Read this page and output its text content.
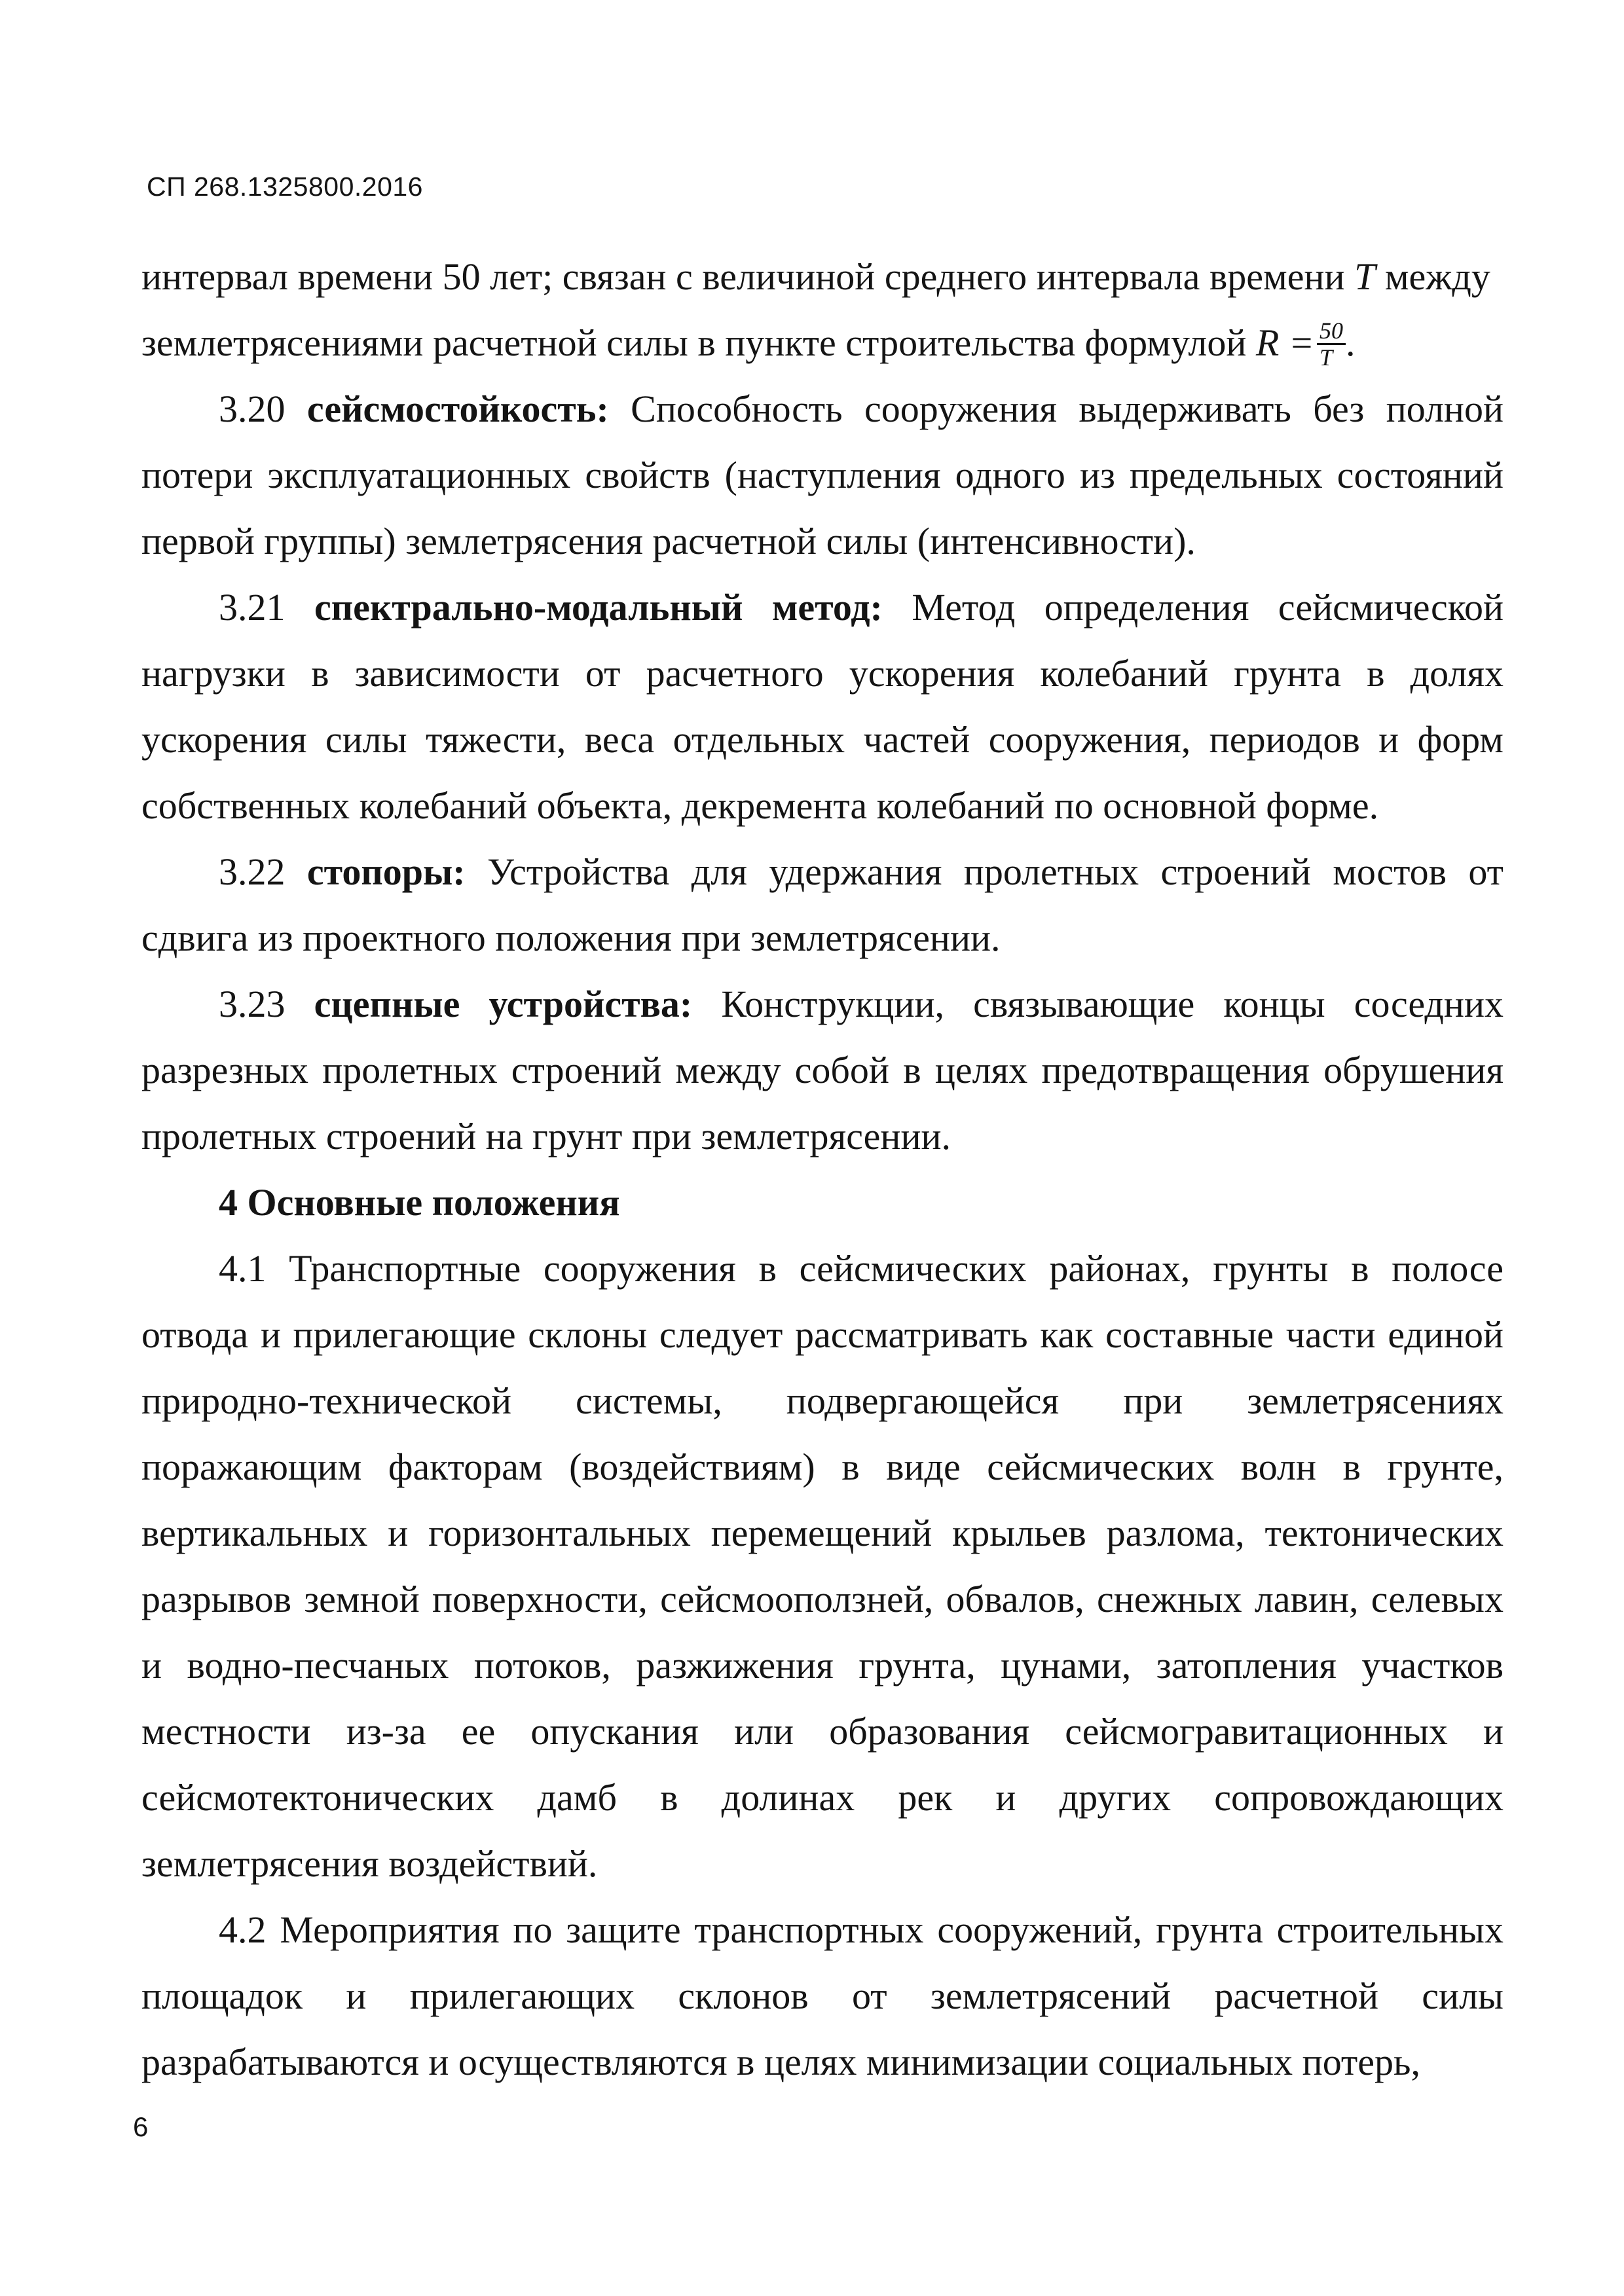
СП 268.1325800.2016

интервал времени 50 лет; связан с величиной среднего интервала времени T между
землетрясениями расчетной силы в пункте строительства формулой $R = \frac{50}{T}$ .

3.20 сейсмостойкость: Способность сооружения выдерживать без полной потери эксплуатационных свойств (наступления одного из предельных состояний первой группы) землетрясения расчетной силы (интенсивности).

3.21 спектрально-модальный метод: Метод определения сейсмической нагрузки в зависимости от расчетного ускорения колебаний грунта в долях ускорения силы тяжести, веса отдельных частей сооружения, периодов и форм собственных колебаний объекта, декремента колебаний по основной форме.

3.22 стопоры: Устройства для удержания пролетных строений мостов от сдвига из проектного положения при землетрясении.

3.23 сцепные устройства: Конструкции, связывающие концы соседних разрезных пролетных строений между собой в целях предотвращения обрушения пролетных строений на грунт при землетрясении.

4 Основные положения

4.1 Транспортные сооружения в сейсмических районах, грунты в полосе отвода и прилегающие склоны следует рассматривать как составные части единой природно-технической системы, подвергающейся при землетрясениях поражающим факторам (воздействиям) в виде сейсмических волн в грунте, вертикальных и горизонтальных перемещений крыльев разлома, тектонических разрывов земной поверхности, сейсмооползней, обвалов, снежных лавин, селевых и водно-песчаных потоков, разжижения грунта, цунами, затопления участков местности из-за ее опускания или образования сейсмогравитационных и сейсмотектонических дамб в долинах рек и других сопровождающих землетрясения воздействий.

4.2 Мероприятия по защите транспортных сооружений, грунта строительных площадок и прилегающих склонов от землетрясений расчетной силы разрабатываются и осуществляются в целях минимизации социальных потерь,

6
